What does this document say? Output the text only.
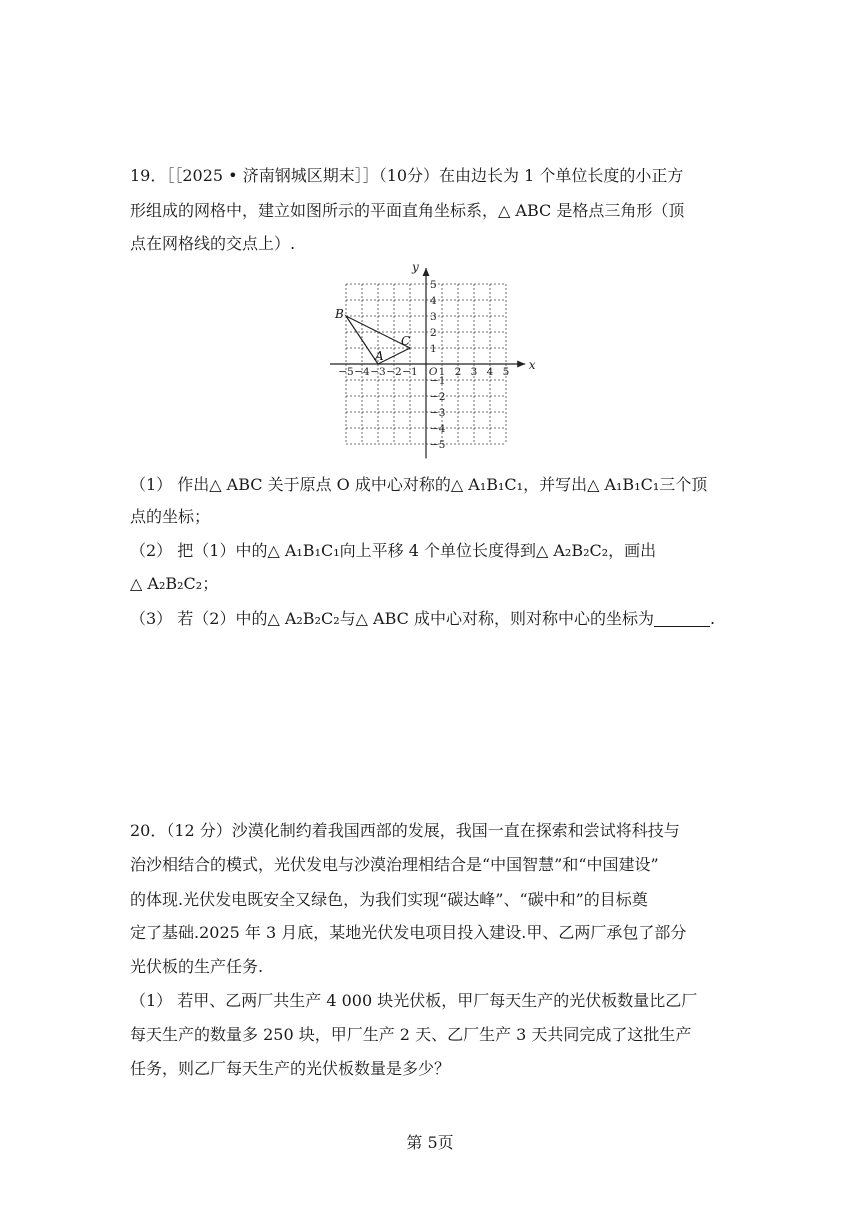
19．［［2025 • 济南钢城区期末］］（10分）在由边长为 1 个单位长度的小正方
形组成的网格中，建立如图所示的平面直角坐标系，△ ABC 是格点三角形（顶
点在网格线的交点上）.
x
y
−5 −4 −3 −2 −1 O 1 2 3 4 5
5
4
3
2
1
−1
−2
−3
−4
−5
A
B
C
（1） 作出△ ABC 关于原点 O 成中心对称的△ A₁B₁C₁，并写出△ A₁B₁C₁三个顶
点的坐标；
（2） 把（1）中的△ A₁B₁C₁向上平移 4 个单位长度得到△ A₂B₂C₂，画出
△ A₂B₂C₂；
（3） 若（2）中的△ A₂B₂C₂与△ ABC 成中心对称，则对称中心的坐标为	.
20．（12 分）沙漠化制约着我国西部的发展，我国一直在探索和尝试将科技与
治沙相结合的模式，光伏发电与沙漠治理相结合是“中国智慧”和“中国建设”
的体现.光伏发电既安全又绿色，为我们实现“碳达峰”、“碳中和”的目标奠
定了基础.2025 年 3 月底，某地光伏发电项目投入建设.甲、乙两厂承包了部分
光伏板的生产任务.
（1） 若甲、乙两厂共生产 4 000 块光伏板，甲厂每天生产的光伏板数量比乙厂
每天生产的数量多 250 块，甲厂生产 2 天、乙厂生产 3 天共同完成了这批生产
任务，则乙厂每天生产的光伏板数量是多少？
第 5页
